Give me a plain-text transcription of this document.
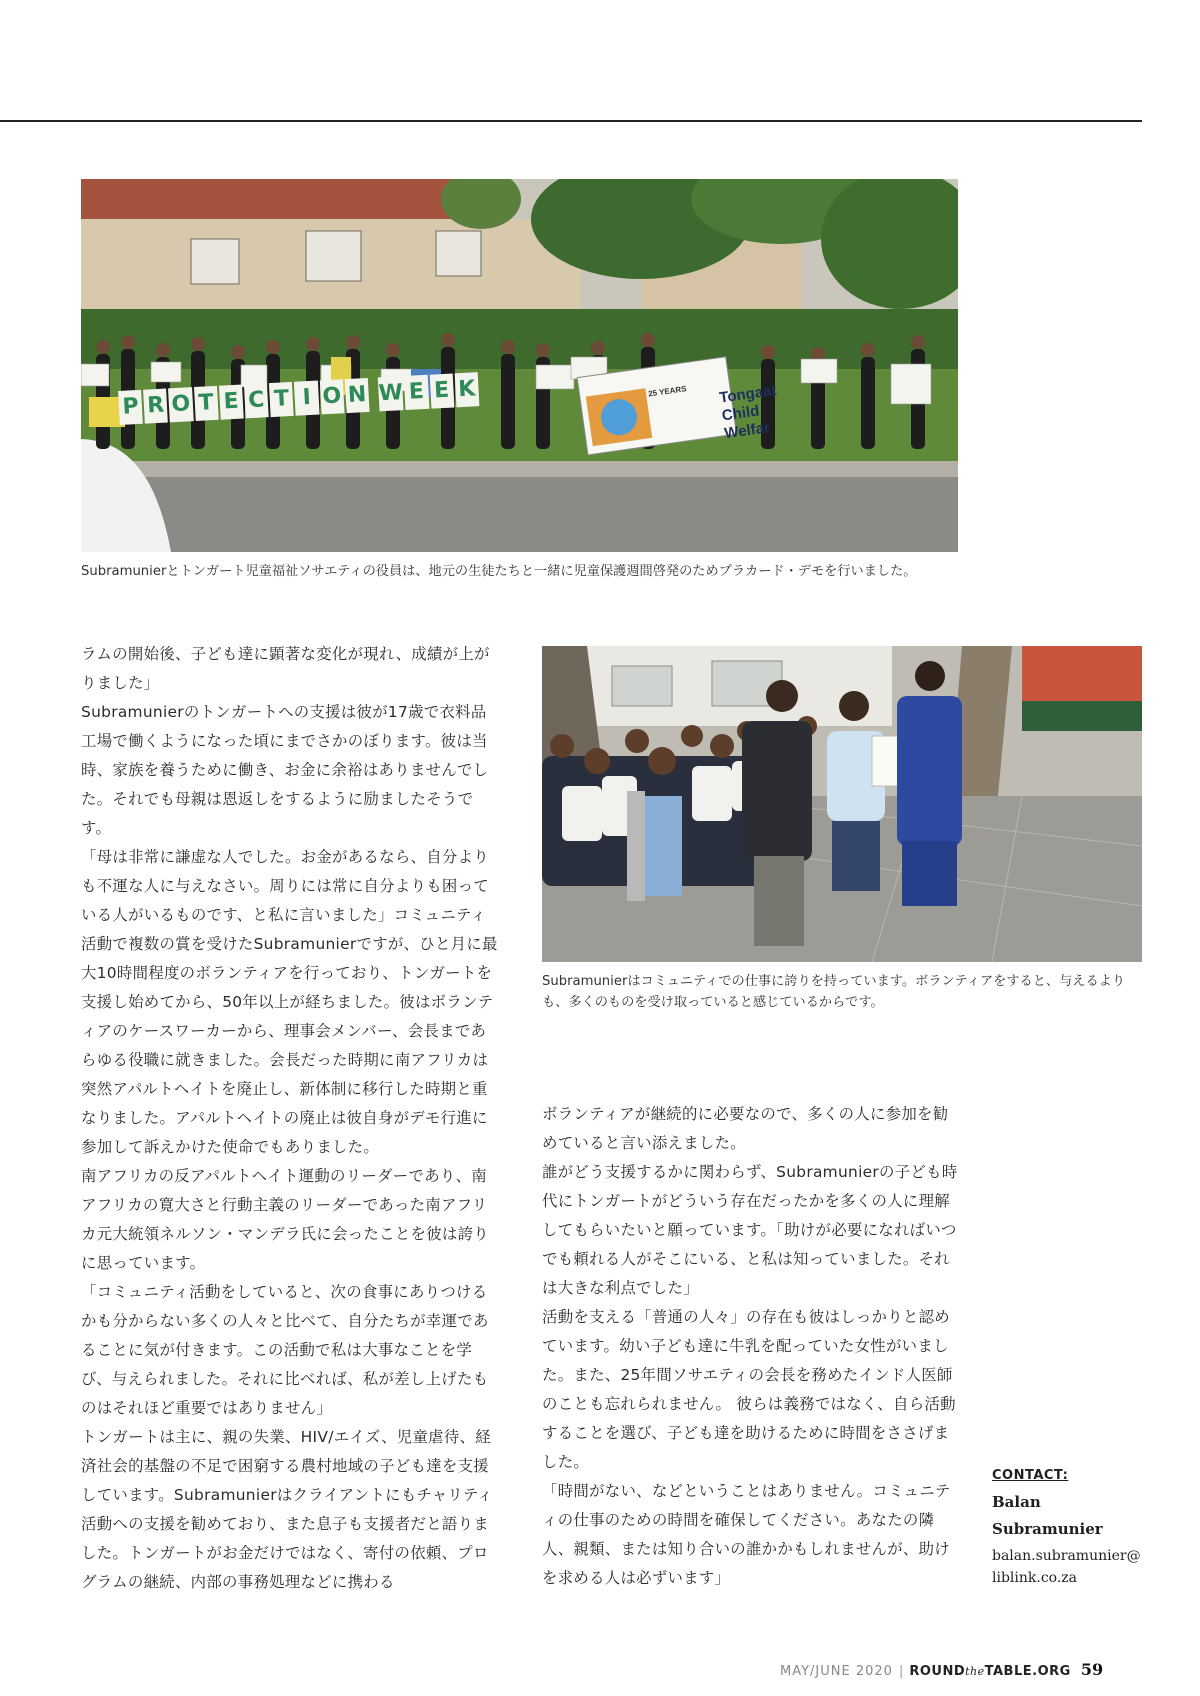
P R O T E C T I O N W E E K	25 YEARS	Tongaat
Child
Welfar
Subramunierとトンガート児童福祉ソサエティの役員は、地元の生徒たちと一緒に児童保護週間啓発のためプラカード・デモを行いました。
Subramunierはコミュニティでの仕事に誇りを持っています。ボランティアをすると、与えるよりも、多くのものを受け取っていると感じているからです。

ラムの開始後、子ども達に顕著な変化が現れ、成績が上がりました」

Subramunierのトンガートへの支援は彼が17歳で衣料品工場で働くようになった頃にまでさかのぼります。彼は当時、家族を養うために働き、お金に余裕はありませんでした。それでも母親は恩返しをするように励ましたそうです。

「母は非常に謙虚な人でした。お金があるなら、自分よりも不運な人に与えなさい。周りには常に自分よりも困っている人がいるものです、と私に言いました」コミュニティ活動で複数の賞を受けたSubramunierですが、ひと月に最大10時間程度のボランティアを行っており、トンガートを支援し始めてから、50年以上が経ちました。彼はボランティアのケースワーカーから、理事会メンバー、会長まであらゆる役職に就きました。会長だった時期に南アフリカは突然アパルトヘイトを廃止し、新体制に移行した時期と重なりました。アパルトヘイトの廃止は彼自身がデモ行進に参加して訴えかけた使命でもありました。

南アフリカの反アパルトヘイト運動のリーダーであり、南アフリカの寛大さと行動主義のリーダーであった南アフリカ元大統領ネルソン・マンデラ氏に会ったことを彼は誇りに思っています。

「コミュニティ活動をしていると、次の食事にありつけるかも分からない多くの人々と比べて、自分たちが幸運であることに気が付きます。この活動で私は大事なことを学び、与えられました。それに比べれば、私が差し上げたものはそれほど重要ではありません」

トンガートは主に、親の失業、HIV/エイズ、児童虐待、経済社会的基盤の不足で困窮する農村地域の子ども達を支援しています。Subramunierはクライアントにもチャリティ活動への支援を勧めており、また息子も支援者だと語りました。トンガートがお金だけではなく、寄付の依頼、プログラムの継続、内部の事務処理などに携わる

ボランティアが継続的に必要なので、多くの人に参加を勧めていると言い添えました。

誰がどう支援するかに関わらず、Subramunierの子ども時代にトンガートがどういう存在だったかを多くの人に理解してもらいたいと願っています。「助けが必要になればいつでも頼れる人がそこにいる、と私は知っていました。それは大きな利点でした」

活動を支える「普通の人々」の存在も彼はしっかりと認めています。幼い子ども達に牛乳を配っていた女性がいました。また、25年間ソサエティの会長を務めたインド人医師のことも忘れられません。 彼らは義務ではなく、自ら活動することを選び、子ども達を助けるために時間をささげました。

「時間がない、などということはありません。コミュニティの仕事のための時間を確保してください。あなたの隣人、親類、または知り合いの誰かかもしれませんが、助けを求める人は必ずいます」

CONTACT:
Balan
Subramunier
balan.subramunier@
liblink.co.za
MAY/JUNE 2020 | ROUNDtheTABLE.ORG 59
